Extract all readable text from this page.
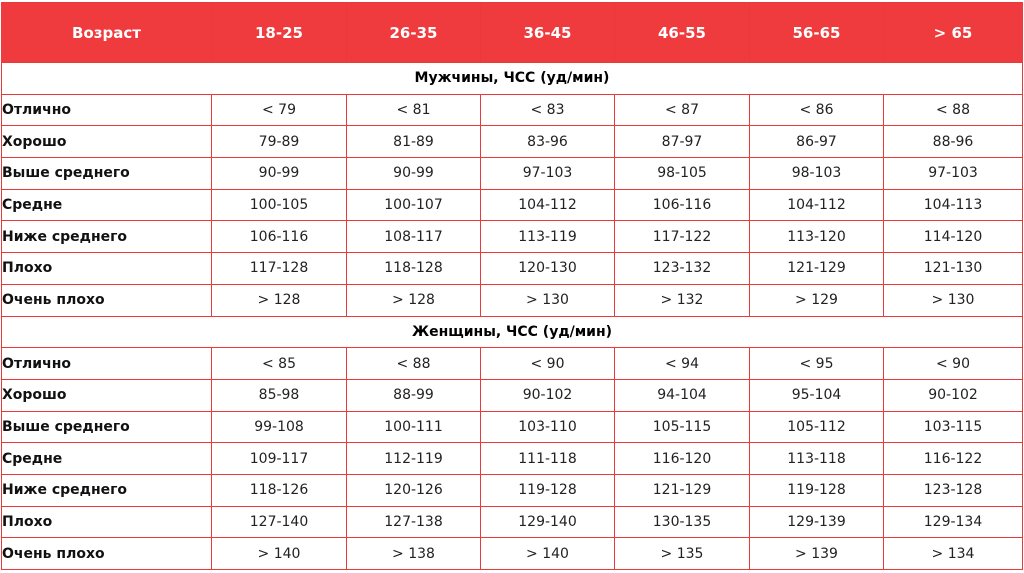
Возраст	18-25	26-35	36-45	46-55	56-65	> 65
Мужчины, ЧСС (уд/мин)						
Отлично	< 79	< 81	< 83	< 87	< 86	< 88
Хорошо	79-89	81-89	83-96	87-97	86-97	88-96
Выше среднего	90-99	90-99	97-103	98-105	98-103	97-103
Средне	100-105	100-107	104-112	106-116	104-112	104-113
Ниже среднего	106-116	108-117	113-119	117-122	113-120	114-120
Плохо	117-128	118-128	120-130	123-132	121-129	121-130
Очень плохо	> 128	> 128	> 130	> 132	> 129	> 130
Женщины, ЧСС (уд/мин)						
Отлично	< 85	< 88	< 90	< 94	< 95	< 90
Хорошо	85-98	88-99	90-102	94-104	95-104	90-102
Выше среднего	99-108	100-111	103-110	105-115	105-112	103-115
Средне	109-117	112-119	111-118	116-120	113-118	116-122
Ниже среднего	118-126	120-126	119-128	121-129	119-128	123-128
Плохо	127-140	127-138	129-140	130-135	129-139	129-134
Очень плохо	> 140	> 138	> 140	> 135	> 139	> 134
